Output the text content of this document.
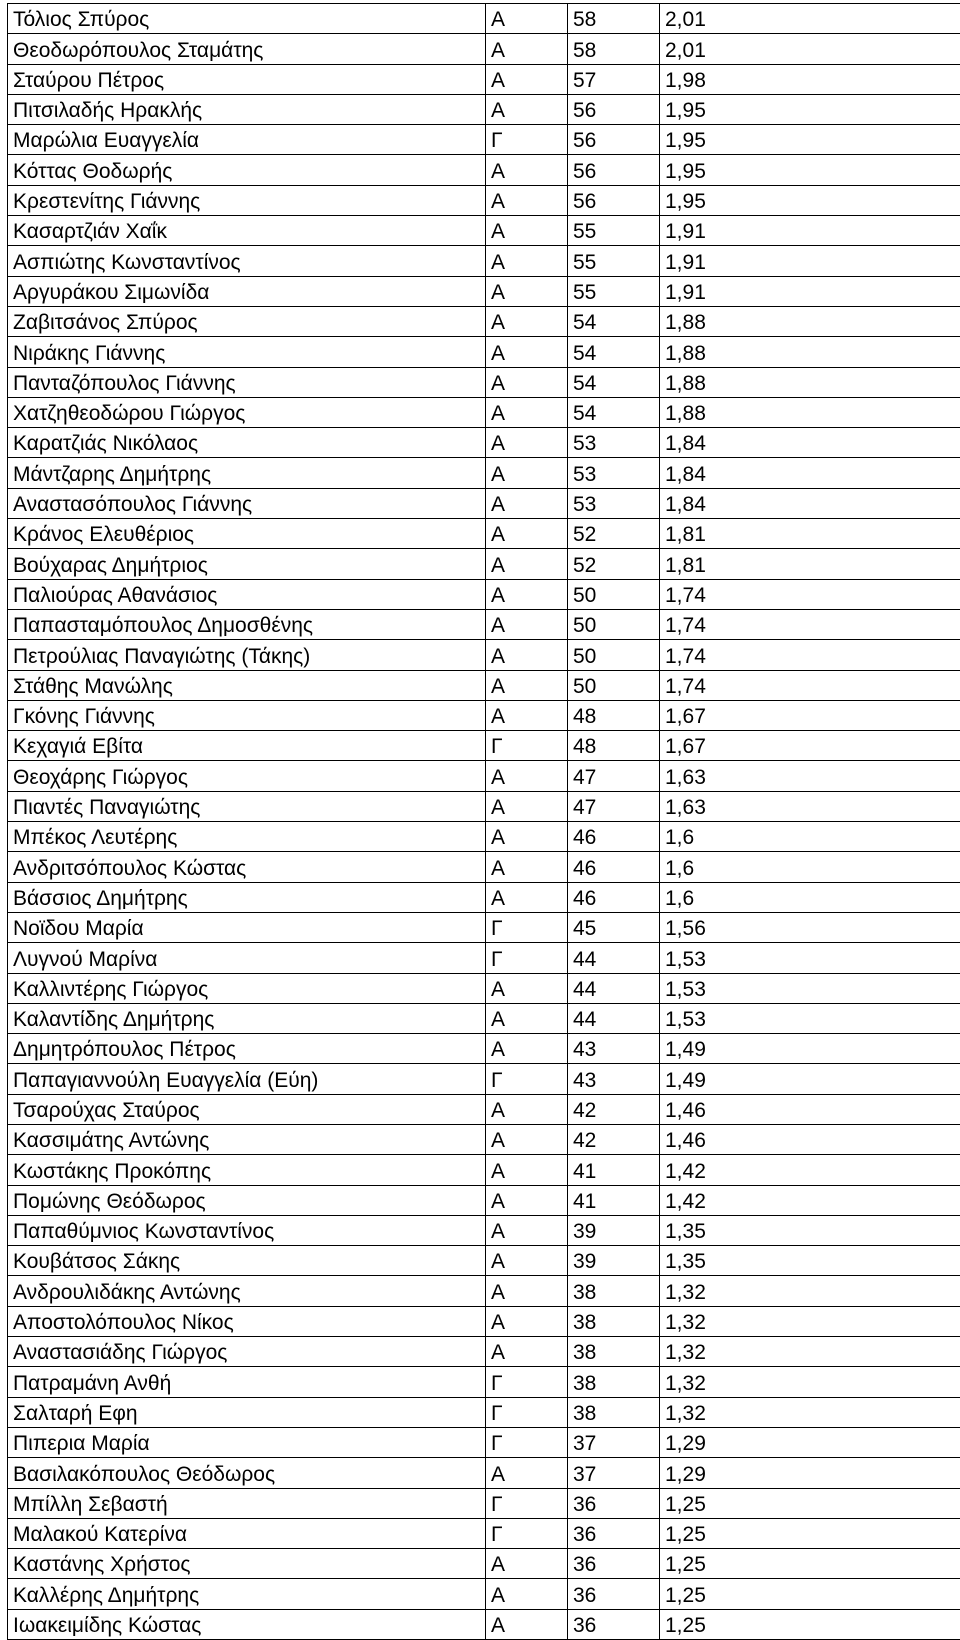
Τόλιος Σπύρος	Α	58	2,01
Θεοδωρόπουλος Σταμάτης	Α	58	2,01
Σταύρου Πέτρος	Α	57	1,98
Πιτσιλαδής Ηρακλής	Α	56	1,95
Μαρώλια Ευαγγελία	Γ	56	1,95
Κόττας Θοδωρής	Α	56	1,95
Κρεστενίτης Γιάννης	Α	56	1,95
Κασαρτζιάν Χαΐκ	Α	55	1,91
Ασπιώτης Κωνσταντίνος	Α	55	1,91
Αργυράκου Σιμωνίδα	Α	55	1,91
Ζαβιτσάνος Σπύρος	Α	54	1,88
Νιράκης Γιάννης	Α	54	1,88
Πανταζόπουλος Γιάννης	Α	54	1,88
Χατζηθεοδώρου Γιώργος	Α	54	1,88
Καρατζιάς Νικόλαος	Α	53	1,84
Μάντζαρης Δημήτρης	Α	53	1,84
Αναστασόπουλος Γιάννης	Α	53	1,84
Κράνος Ελευθέριος	Α	52	1,81
Βούχαρας Δημήτριος	Α	52	1,81
Παλιούρας Αθανάσιος	Α	50	1,74
Παπασταμόπουλος Δημοσθένης	Α	50	1,74
Πετρούλιας Παναγιώτης (Τάκης)	Α	50	1,74
Στάθης Μανώλης	Α	50	1,74
Γκόνης Γιάννης	Α	48	1,67
Κεχαγιά Εβίτα	Γ	48	1,67
Θεοχάρης Γιώργος	Α	47	1,63
Πιαντές Παναγιώτης	Α	47	1,63
Μπέκος Λευτέρης	Α	46	1,6
Ανδριτσόπουλος Κώστας	Α	46	1,6
Βάσσιος Δημήτρης	Α	46	1,6
Νοϊδου Μαρία	Γ	45	1,56
Λυγνού Μαρίνα	Γ	44	1,53
Καλλιντέρης Γιώργος	Α	44	1,53
Καλαντίδης Δημήτρης	Α	44	1,53
Δημητρόπουλος Πέτρος	Α	43	1,49
Παπαγιαννούλη Ευαγγελία (Εύη)	Γ	43	1,49
Τσαρούχας Σταύρος	Α	42	1,46
Κασσιμάτης Αντώνης	Α	42	1,46
Κωστάκης Προκόπης	Α	41	1,42
Πομώνης Θεόδωρος	Α	41	1,42
Παπαθύμνιος Κωνσταντίνος	Α	39	1,35
Κουβάτσος Σάκης	Α	39	1,35
Ανδρουλιδάκης Αντώνης	Α	38	1,32
Αποστολόπουλος Νίκος	Α	38	1,32
Αναστασιάδης Γιώργος	Α	38	1,32
Πατραμάνη Ανθή	Γ	38	1,32
Σαλταρή Εφη	Γ	38	1,32
Πιπερια Μαρία	Γ	37	1,29
Βασιλακόπουλος Θεόδωρος	Α	37	1,29
Μπίλλη Σεβαστή	Γ	36	1,25
Μαλακού Κατερίνα	Γ	36	1,25
Καστάνης Χρήστος	Α	36	1,25
Καλλέρης Δημήτρης	Α	36	1,25
Ιωακειμίδης Κώστας	Α	36	1,25
